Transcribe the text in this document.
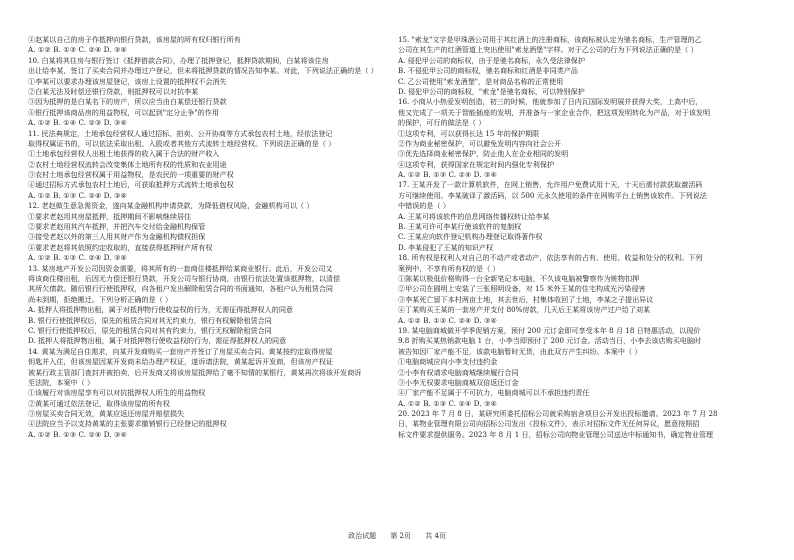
④赵某以自己的房子作抵押向银行贷款，该房屋的所有权归银行所有
A. ①② B. ①③ C. ②④ D. ③④
10. 白某将其住房与银行签订《抵押借款合同》，办理了抵押登记，抵押贷款期间，白某将该住房
出让给李某，签订了买卖合同并办理过户登记，但未将抵押贷款的情况告知李某。对此，下列说法正确的是（ ）
①李某可以要求办理该房屋登记，该房上设置的抵押权不会消失
②白某无法及时偿还银行贷款，则抵押权可以对抗李某
③因为抵押的是白某名下的房产，所以应当由白某偿还银行贷款
④银行抵押该商品房的用益物权，可以起到"定分止争"的作用
A. ①② B. ①④ C. ②③ D. ③④
11. 民法典规定，土地承包经营权人通过招标、拍卖、公开协商等方式承包农村土地，经依法登记
取得权属证书的，可以依法采取出租、入股或者其他方式流转土地经营权。下列说法正确的是（ ）
①土地承包经营权人出租土地获得的收入属于合法的财产收入
②农村土地经营权流转会改变集体土地所有权的性质和农业用途
③农村土地承包经营权属于用益物权，是农民的一项重要的财产权
④通过招标方式承包农村土地后，可获取抵押方式流转土地承包权
A. ①② B. ①③ C. ②④ D. ③④
12. 老赵做生意急需资金，遂向某金融机构申请贷款，为降低借权风险，金融机构可以（ ）
①要求老赵用其房屋抵押，抵押期间不影响继续居住
②要求老赵用其汽车抵押，并把汽车交付给金融机构保管
③接受老赵以外的第三人用其财产作为金融机构债权担保
④要求老赵将其依照约定收取的，直接获得抵押财产所有权
A. ①② B. ①③ C. ②④ D. ③④
13. 某房地产开发公司因资金需要，将其所有的一套商住楼抵押给某商业银行。此后，开发公司又
将该商住楼出租，后因无力偿还银行贷款，开发公司与银行协商，由银行依法处置该抵押物，以清偿
其所欠债款。随后银行行使抵押权，向各租户发出解除租赁合同的书面通知，各租户认为租赁合同
尚未到期，拒绝搬迁。下列分析正确的是（ ）
A. 抵押人将抵押物出租，属于对抵押物行使收益权的行为，无需征得抵押权人的同意
B. 银行行使抵押权后，原先的租赁合同对其无约束力，银行有权解除租赁合同
C. 银行行使抵押权后，原先的租赁合同对其有约束力，银行无权解除租赁合同
D. 抵押人将抵押物出租，属于对抵押物行使收益权的行为，需征得抵押权人的同意
14. 黄某为满足自住需求，向某开发商购买一套房产并签订了房屋买卖合同。黄某按约定取得房屋
钥匙并入住，但该房屋因某开发商未给办理产权证，遂诉请法院，黄某起诉开发商，但该房产权证
被某行政主管部门查封并被拍卖，后开发商又将该房屋抵押给了毫不知情的某银行，黄某再次将该开发商诉
至法院，本案中（ ）
①该履行对该房屋享有可以对抗抵押权人所生的用益物权
②黄某可通过依法登记，取得该房屋的所有权
③房屋买卖合同无效，黄某应返还房屋并赔偿损失
④法院应当予以支持黄某的主张要求撤销银行已经登记的抵押权
A. ①② B. ①③ C. ②④ D. ③④
15. "索龙"文字是甲珠酒公司用于其红酒上的注册商标，该商标被认定为驰名商标，生产管理的乙
公司在其生产的红酒管道上突出使用"索龙酒堡"字样。对于乙公司的行为下列说法正确的是（ ）
A. 侵犯甲公司的商标权，由于是驰名商标，永久受法律保护
B. 不侵犯甲公司的商标权，驰名商标和红酒是非同类产品
C. 乙公司使用"索龙酒堡"，是对商品名称的正常使用
D. 侵犯甲公司的商标权，"索龙"是驰名商标，可以特别保护
16. 小商从小热爱发明创造，初三的时候，他就参加了日内瓦国际发明展并获得大奖，上高中后，
他又完成了一项关于智能插座的发明，并准备与一家企业合作，把这项发明转化为产品，对于该发明
的保护，可行的做法是（ ）
①这项专利，可以获得长达 15 年的保护期限
②作为商业秘密保护，可以避免发明内容向社会公开
③优先选择商业秘密保护，防止他人在企业相同的发明
④这项专利，获得国家在规定时间内强化专利保护
A. ①② B. ①③ C. ②④ D. ③④
17. 王某开发了一款计算机软件，在网上销售，允许用户免费试用十天，十天后需付款获取激活码
方可继续使用。李某破译了激活码，以 500 元永久使用的条件在网购平台上销售该软件。下列说法
中错误的是（ ）
A. 王某可将该软件的信息网络传播权转让给李某
B. 王某可许可李某行使该软件的复制权
C. 王某应向软件登记机构办理登记取得著作权
D. 李某侵犯了王某的知识产权
18. 所有权是权利人对自己的不动产或者动产，依法享有的占有、使用、收益和处分的权利。下列
案例中，不享有所有权的是（ ）
①陈某以极低价格购得一台全新笔记本电脑，不久该电脑被警察作为赃物扣押
②甲公司在圆明上安装了三张照明设备，对 15 米外王某的住宅构成光污染侵害
③李某死亡留下本村两亩土地，其去世后，村集体收回了土地，李某之子提出异议
④丁某购买王某的一套房产并支付 80%房款，几天后王某将该房产过户给了刘某
A. ①② B. ①③ C. ②④ D. ③④
19. 某电脑商城做开学季促销方案，预付 200 元订金即可享受本年 8 月 18 日特惠活动，以现价
9.8 折购买某热销款电脑 1 台，小李当即预付了 200 元订金。活动当日，小李去该店购买电脑时
被告知因厂家产能不足，该款电脑暂时无货，由此双方产生纠纷。本案中（ ）
①电脑商城应向小李支付违约金
②小李有权请求电脑商城继续履行合同
③小李无权要求电脑商城双倍返还订金
④厂家产能不足属于不可抗力，电脑商城可以不承担违约责任
A. ①② B. ①③ C. ②④ D. ③④
20. 2023 年 7 月 8 日，某研究所委托招标公司就采购宿舍项目公开发出投标邀请。2023 年 7 月 28
日，某物业管理有限公司向招标公司发出《投标文件》，表示对招标文件无任何异议，愿意按照招
标文件要求提供服务。2023 年 8 月 1 日，招标公司向物业管理公司送达中标通知书，确定物业管理
政治试题 第 2页 共 4页
